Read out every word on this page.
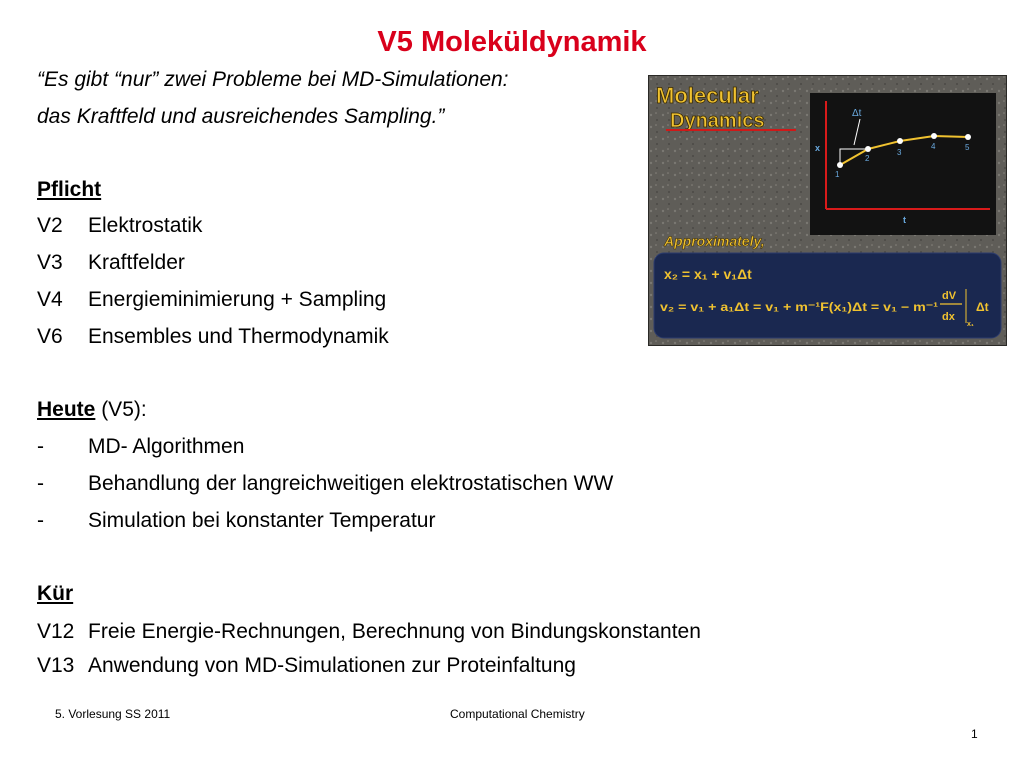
V5 Moleküldynamik
“Es gibt “nur” zwei Probleme bei MD-Simulationen:
das Kraftfeld und ausreichendes Sampling.”
Pflicht
V2 Elektrostatik
V3 Kraftfelder
V4 Energieminimierung + Sampling
V6 Ensembles und Thermodynamik
Heute (V5):
- MD- Algorithmen
- Behandlung der langreichweitigen elektrostatischen WW
- Simulation bei konstanter Temperatur
Kür
V12 Freie Energie-Rechnungen, Berechnung von Bindungskonstanten
V13 Anwendung von MD-Simulationen zur Proteinfaltung
Molecular
Dynamics
x
t
Δt
1
2
3
4	5
Approximately,
x₂ = x₁ + v₁Δt
v₂ = v₁ + a₁Δt = v₁ + m⁻¹F(x₁)Δt = v₁ − m⁻¹
dV
dx
x₁
Δt
5. Vorlesung SS 2011	Computational Chemistry
1
